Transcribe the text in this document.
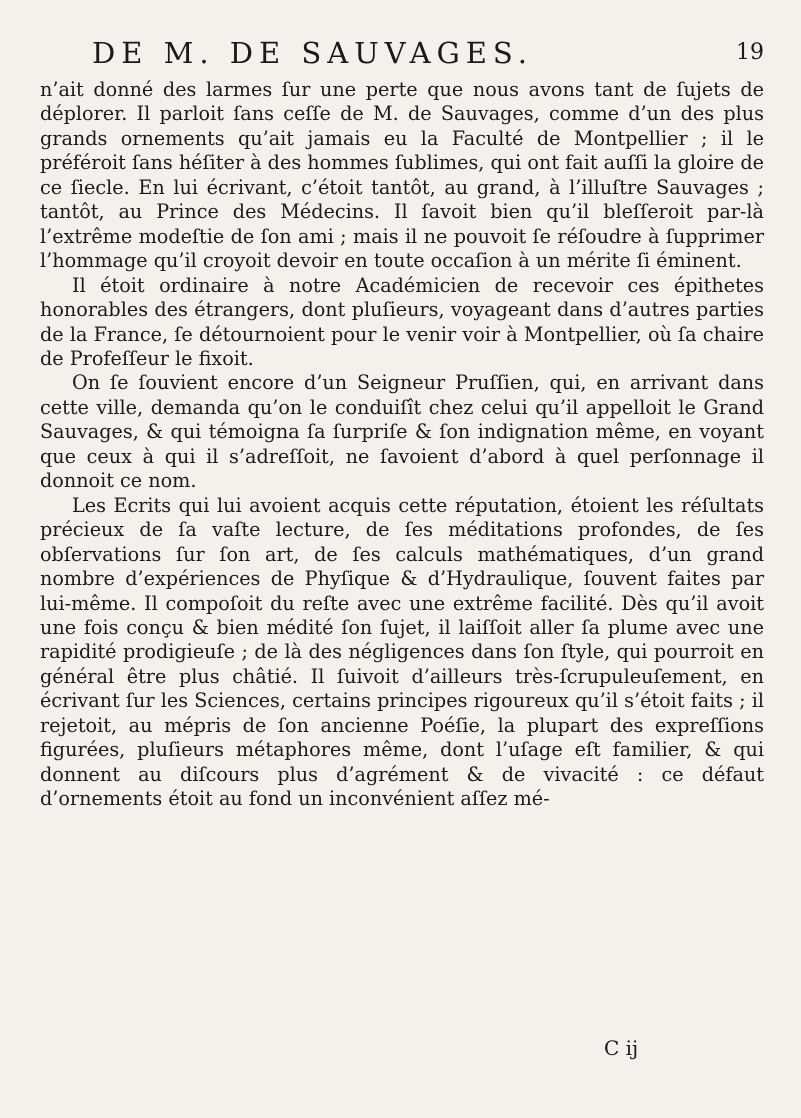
DE M. DE SAUVAGES.	19

n’ait donné des larmes ſur une perte que nous avons tant de ſujets de déplorer. Il parloit ſans ceſſe de M. de Sauvages, comme d’un des plus grands ornements qu’ait jamais eu la Faculté de Montpellier ; il le préféroit ſans héſiter à des hommes ſublimes, qui ont fait auſſi la gloire de ce ſiecle. En lui écrivant, c’étoit tantôt, au grand, à l’illuſtre Sauvages ; tantôt, au Prince des Médecins. Il ſavoit bien qu’il bleſſeroit par-là l’extrême modeſtie de ſon ami ; mais il ne pouvoit ſe réſoudre à ſupprimer l’hommage qu’il croyoit devoir en toute occaſion à un mérite ſi éminent.

Il étoit ordinaire à notre Académicien de recevoir ces épithetes honorables des étrangers, dont pluſieurs, voyageant dans d’autres parties de la France, ſe détournoient pour le venir voir à Montpellier, où ſa chaire de Profeſſeur le fixoit.

On ſe ſouvient encore d’un Seigneur Pruſſien, qui, en arrivant dans cette ville, demanda qu’on le conduiſît chez celui qu’il appelloit le Grand Sauvages, & qui témoigna ſa ſurpriſe & ſon indignation même, en voyant que ceux à qui il s’adreſſoit, ne ſavoient d’abord à quel perſonnage il donnoit ce nom.

Les Ecrits qui lui avoient acquis cette réputation, étoient les réſultats précieux de ſa vaſte lecture, de ſes méditations profondes, de ſes obſervations ſur ſon art, de ſes calculs mathématiques, d’un grand nombre d’expériences de Phyſique & d’Hydraulique, ſouvent faites par lui-même. Il compoſoit du reſte avec une extrême facilité. Dès qu’il avoit une fois conçu & bien médité ſon ſujet, il laiſſoit aller ſa plume avec une rapidité prodigieuſe ; de là des négligences dans ſon ſtyle, qui pourroit en général être plus châtié. Il ſuivoit d’ailleurs très-ſcrupuleuſement, en écrivant ſur les Sciences, certains principes rigoureux qu’il s’étoit faits ; il rejetoit, au mépris de ſon ancienne Poéſie, la plupart des expreſſions figurées, pluſieurs métaphores même, dont l’uſage eſt familier, & qui donnent au diſcours plus d’agrément & de vivacité : ce défaut d’ornements étoit au fond un inconvénient aſſez mé-

C ij
